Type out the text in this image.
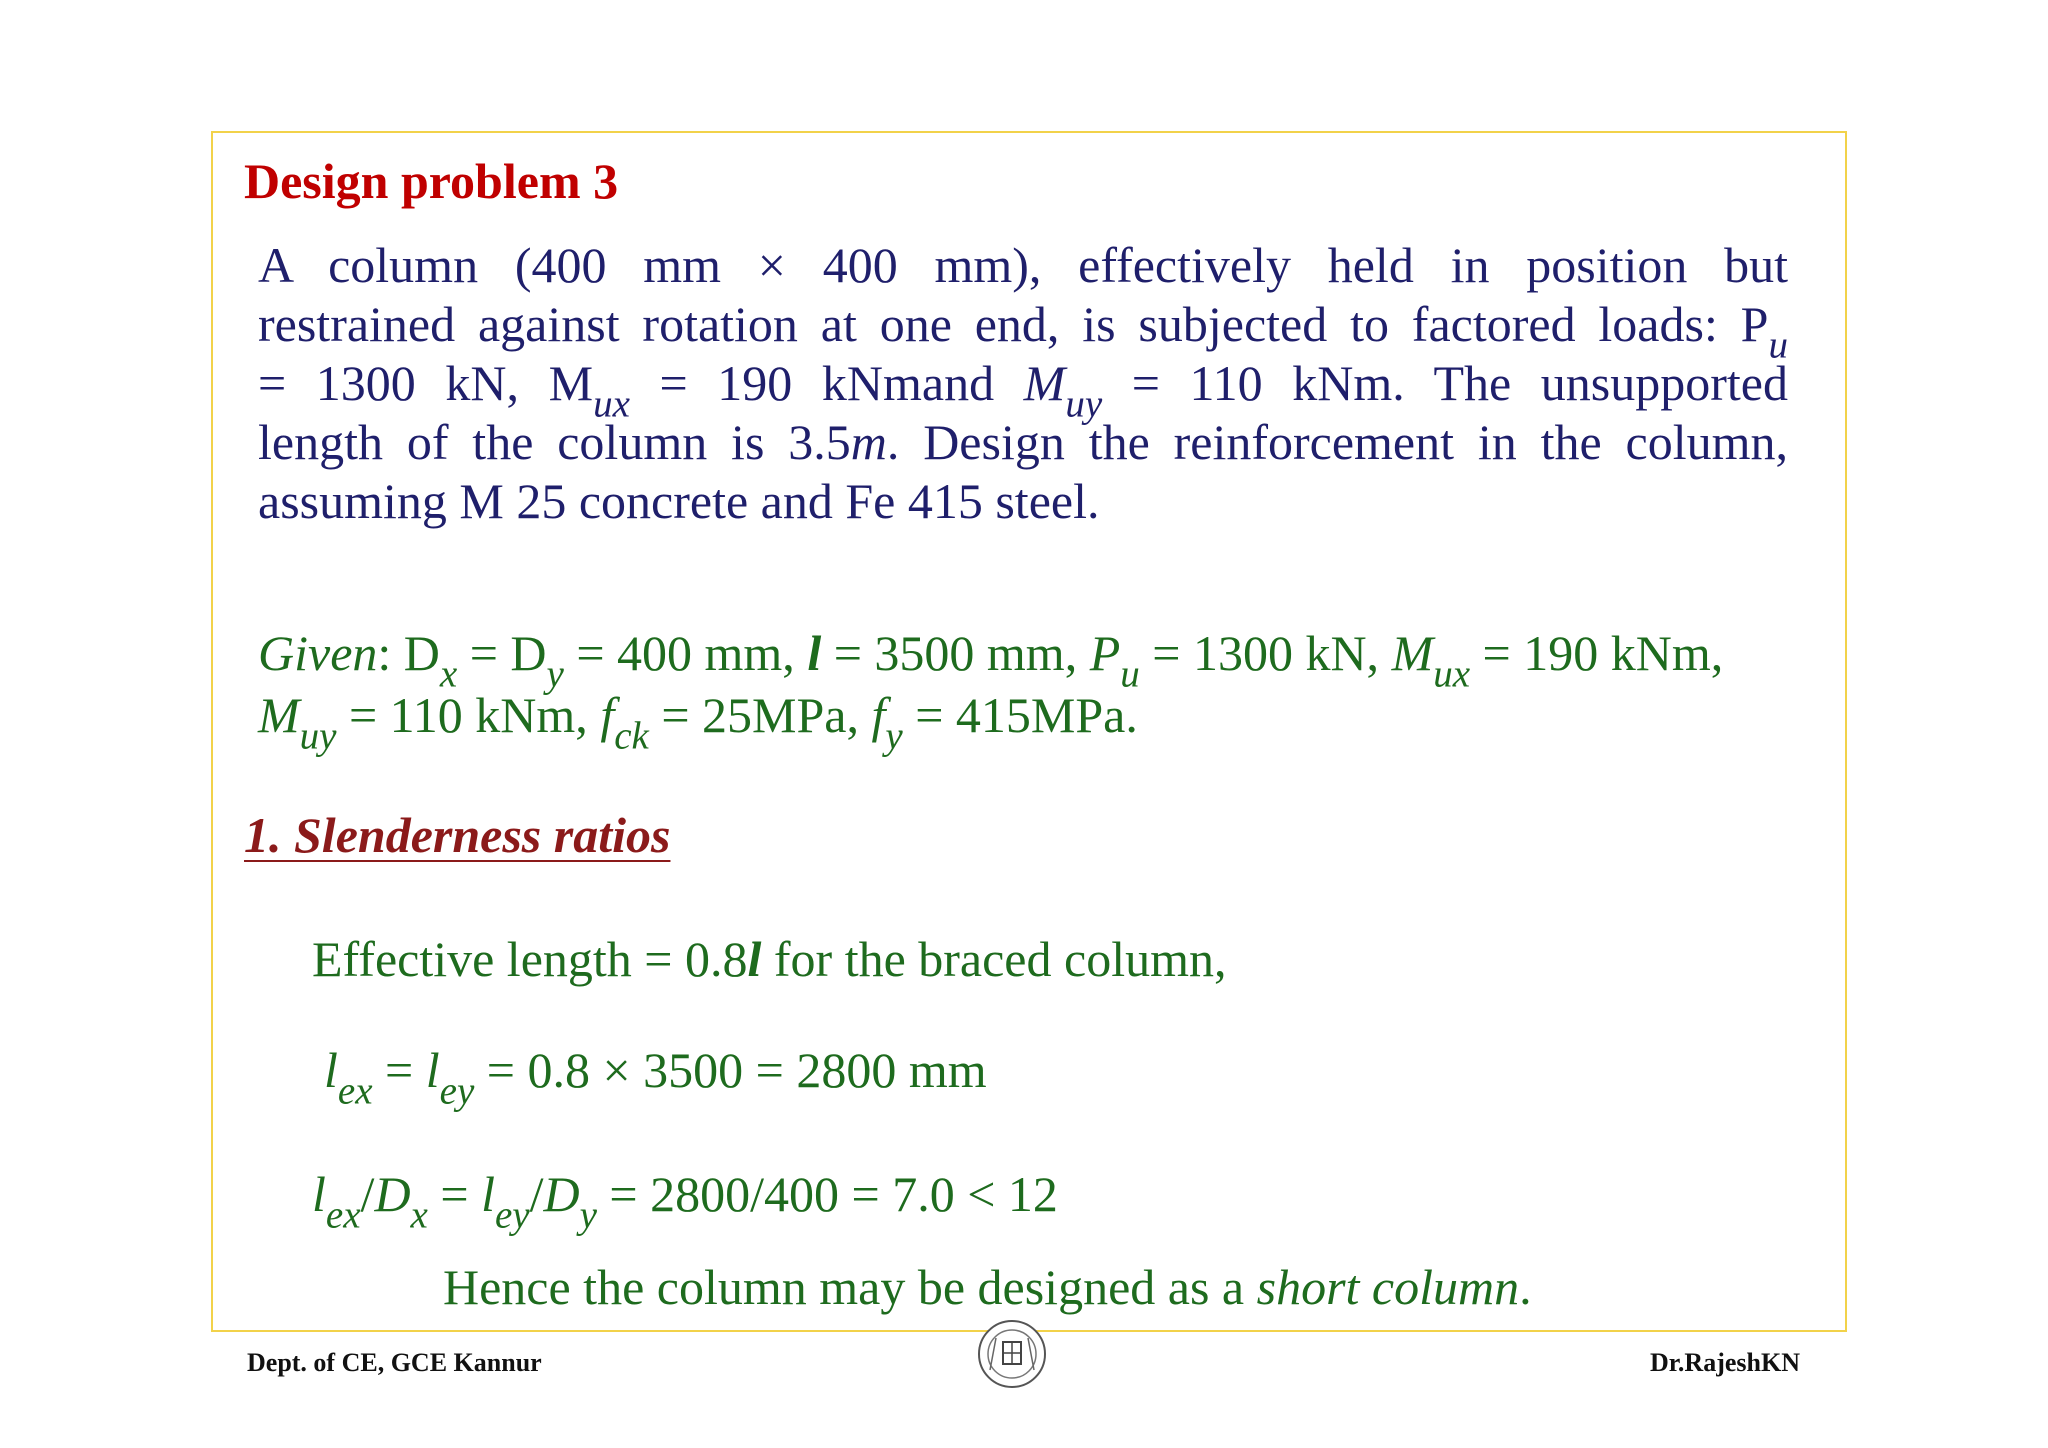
Design problem 3
A column (400 mm × 400 mm), effectively held in position but
restrained against rotation at one end, is subjected to factored loads: $P_u$
= 1300 kN, $M_{ux} = 190$ kNmand $M_{uy} = 110$ kNm. The unsupported
length of the column is 3.5m. Design the reinforcement in the column,
assuming M 25 concrete and Fe 415 steel.
Given: $D_x = D_y = 400$ mm, l = 3500 mm, $P_u = 1300$ kN, $M_{ux} = 190$ kNm,
$M_{uy} = 110$ kNm, $f_{ck} = 25MPa$, $f_y = 415MPa$.
1. Slenderness ratios
Effective length = 0.8l for the braced column,
$l_{ex} = l_{ey} = 0.8 \times 3500 = 2800$ mm
$l_{ex}/D_x = l_{ey}/D_y = 2800/400 = 7.0 < 12$
Hence the column may be designed as a short column.
Dept. of CE, GCE Kannur	Dr.RajeshKN
